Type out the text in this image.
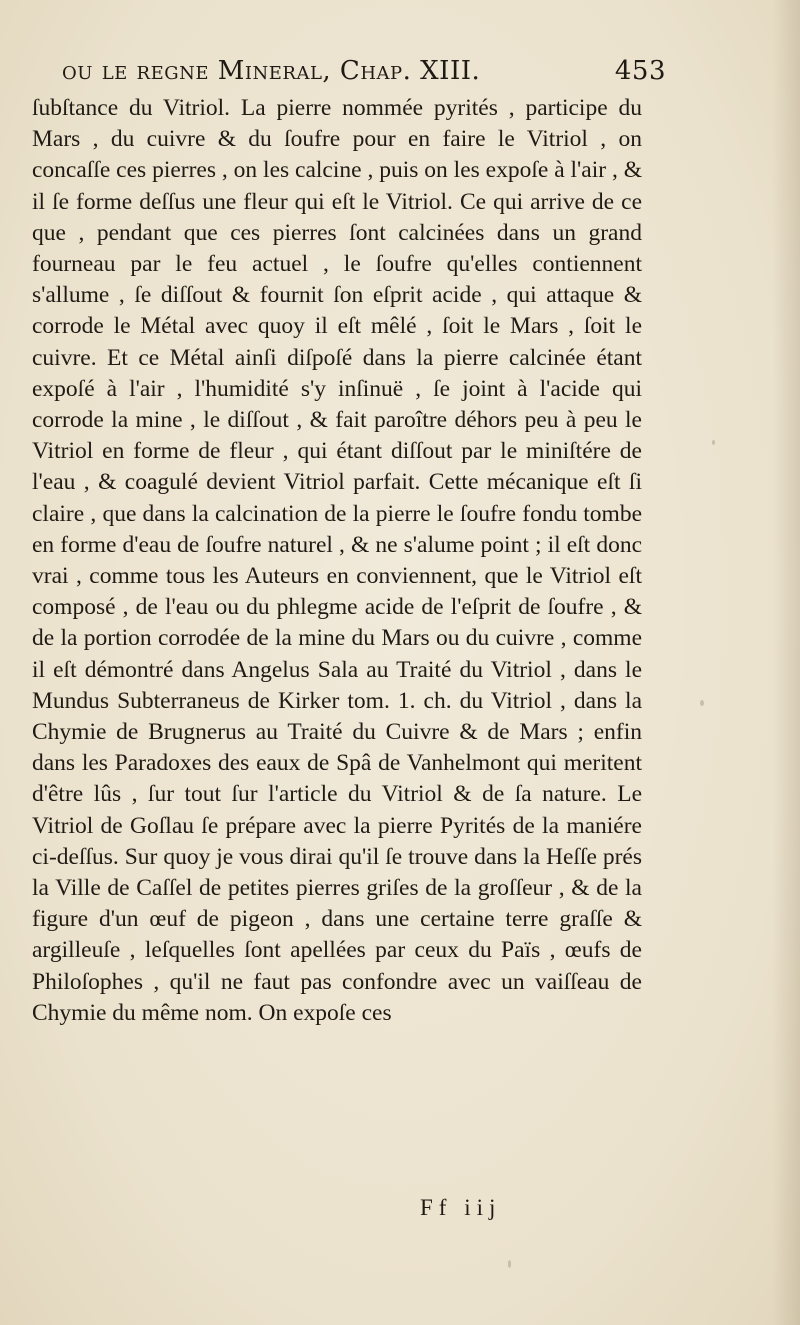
ou le regne Mineral, Chap. XIII.	453

ſubſtance du Vitriol. La pierre nommée pyrités , participe du Mars , du cuivre & du ſoufre pour en faire le Vitriol , on concaſſe ces pierres , on les calcine , puis on les expoſe à l'air , & il ſe forme deſſus une fleur qui eſt le Vitriol. Ce qui arrive de ce que , pendant que ces pierres ſont calcinées dans un grand fourneau par le feu actuel , le ſoufre qu'elles contiennent s'allume , ſe diſſout & fournit ſon eſprit acide , qui attaque & corrode le Métal avec quoy il eſt mêlé , ſoit le Mars , ſoit le cuivre. Et ce Métal ainſi diſpoſé dans la pierre calcinée étant expoſé à l'air , l'humidité s'y inſinuë , ſe joint à l'acide qui corrode la mine , le diſſout , & fait paroître déhors peu à peu le Vitriol en forme de fleur , qui étant diſſout par le miniſtére de l'eau , & coagulé devient Vitriol parfait. Cette mécanique eſt ſi claire , que dans la calcination de la pierre le ſoufre fondu tombe en forme d'eau de ſoufre naturel , & ne s'alume point ; il eſt donc vrai , comme tous les Auteurs en conviennent, que le Vitriol eſt composé , de l'eau ou du phlegme acide de l'eſprit de ſoufre , & de la portion corrodée de la mine du Mars ou du cuivre , comme il eſt démontré dans Angelus Sala au Traité du Vitriol , dans le Mundus Subterraneus de Kirker tom. 1. ch. du Vitriol , dans la Chymie de Brugnerus au Traité du Cuivre & de Mars ; enfin dans les Paradoxes des eaux de Spâ de Vanhelmont qui meritent d'être lûs , ſur tout ſur l'article du Vitriol & de ſa nature. Le Vitriol de Goſlau ſe prépare avec la pierre Pyrités de la maniére ci-deſſus. Sur quoy je vous dirai qu'il ſe trouve dans la Heſſe prés la Ville de Caſſel de petites pierres griſes de la groſſeur , & de la figure d'un œuf de pigeon , dans une certaine terre graſſe & argilleuſe , leſquelles ſont apellées par ceux du Païs , œufs de Philoſophes , qu'il ne faut pas confondre avec un vaiſſeau de Chymie du même nom. On expoſe ces

Ff iij
